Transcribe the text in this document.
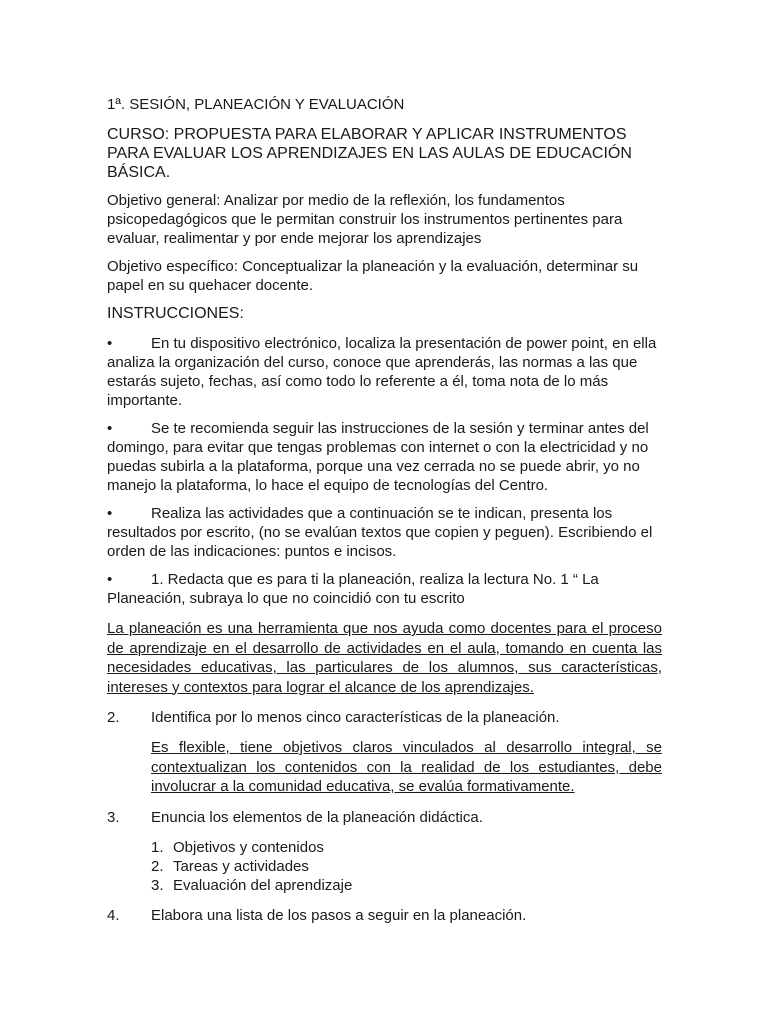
1ª. SESIÓN, PLANEACIÓN Y EVALUACIÓN

CURSO: PROPUESTA PARA ELABORAR Y APLICAR INSTRUMENTOS PARA EVALUAR LOS APRENDIZAJES EN LAS AULAS DE EDUCACIÓN BÁSICA.

Objetivo general: Analizar por medio de la reflexión, los fundamentos psicopedagógicos que le permitan construir los instrumentos pertinentes para evaluar, realimentar y por ende mejorar los aprendizajes

Objetivo específico: Conceptualizar la planeación y la evaluación, determinar su papel en su quehacer docente.

INSTRUCCIONES:

•	En tu dispositivo electrónico, localiza la presentación de power point, en ella analiza la organización del curso, conoce que aprenderás, las normas a las que estarás sujeto, fechas, así como todo lo referente a él, toma nota de lo más importante.

•	Se te recomienda seguir las instrucciones de la sesión y terminar antes del domingo, para evitar que tengas problemas con internet o con la electricidad y no puedas subirla a la plataforma, porque una vez cerrada no se puede abrir, yo no manejo la plataforma, lo hace el equipo de tecnologías del Centro.

•	Realiza las actividades que a continuación se te indican, presenta los resultados por escrito, (no se evalúan textos que copien y peguen). Escribiendo el orden de las indicaciones: puntos e incisos.

•	1. Redacta que es para ti la planeación, realiza la lectura No. 1 “ La Planeación, subraya lo que no coincidió con tu escrito

La planeación es una herramienta que nos ayuda como docentes para el proceso de aprendizaje en el desarrollo de actividades en el aula, tomando en cuenta las necesidades educativas, las particulares de los alumnos, sus características, intereses y contextos para lograr el alcance de los aprendizajes.

2.	Identifica por lo menos cinco características de la planeación.

Es flexible, tiene objetivos claros vinculados al desarrollo integral, se contextualizan los contenidos con la realidad de los estudiantes, debe involucrar a la comunidad educativa, se evalúa formativamente.

3.	Enuncia los elementos de la planeación didáctica.
1. Objetivos y contenidos
2. Tareas y actividades
3. Evaluación del aprendizaje
4.	Elabora una lista de los pasos a seguir en la planeación.
